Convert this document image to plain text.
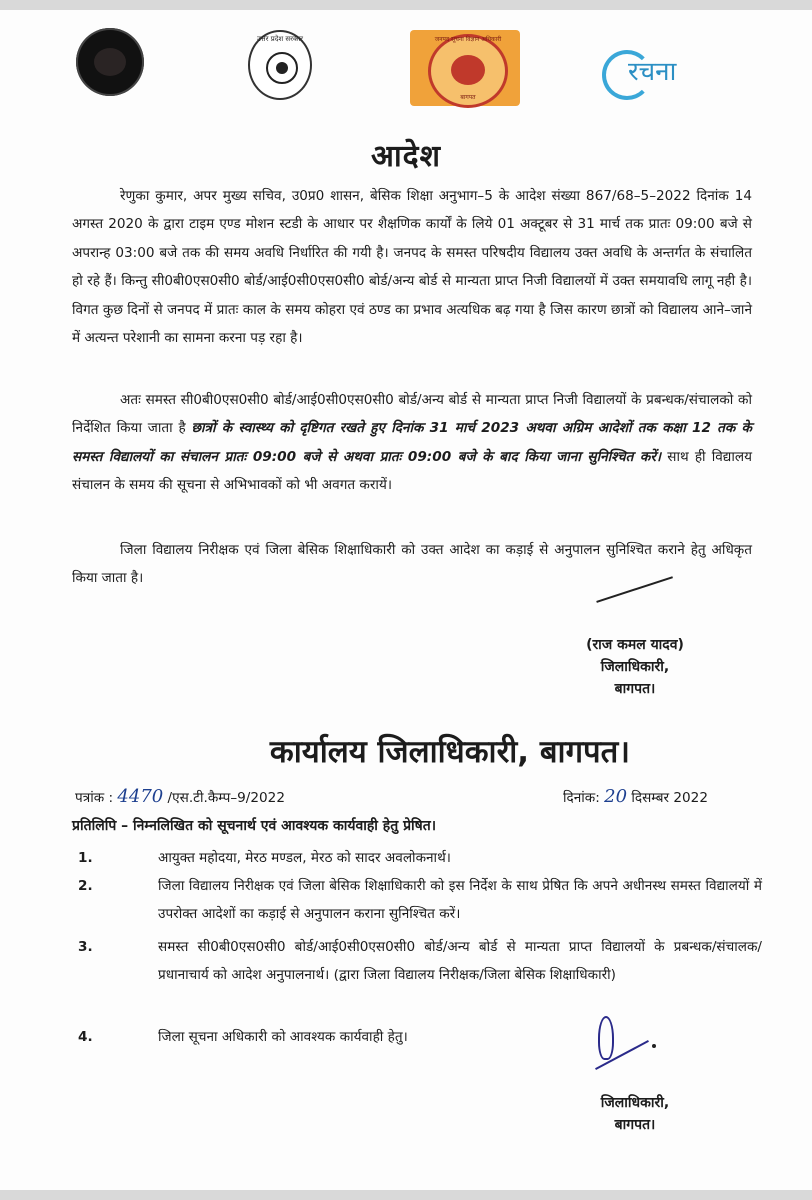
उत्तर प्रदेश सरकार	जनपद सूचना विज्ञान अधिकारी
बागपत
रचना
आदेश
रेणुका कुमार, अपर मुख्य सचिव, उ0प्र0 शासन, बेसिक शिक्षा अनुभाग–5 के आदेश संख्या 867/68–5–2022 दिनांक 14 अगस्त 2020 के द्वारा टाइम एण्ड मोशन स्टडी के आधार पर शैक्षणिक कार्यों के लिये 01 अक्टूबर से 31 मार्च तक प्रातः 09:00 बजे से अपरान्ह 03:00 बजे तक की समय अवधि निर्धारित की गयी है। जनपद के समस्त परिषदीय विद्यालय उक्त अवधि के अन्तर्गत के संचालित हो रहे हैं। किन्तु सी0बी0एस0सी0 बोर्ड/आई0सी0एस0सी0 बोर्ड/अन्य बोर्ड से मान्यता प्राप्त निजी विद्यालयों में उक्त समयावधि लागू नही है। विगत कुछ दिनों से जनपद में प्रातः काल के समय कोहरा एवं ठण्ड का प्रभाव अत्यधिक बढ़ गया है जिस कारण छात्रों को विद्यालय आने–जाने में अत्यन्त परेशानी का सामना करना पड़ रहा है।
अतः समस्त सी0बी0एस0सी0 बोर्ड/आई0सी0एस0सी0 बोर्ड/अन्य बोर्ड से मान्यता प्राप्त निजी विद्यालयों के प्रबन्धक/संचालको को निर्देशित किया जाता है छात्रों के स्वास्थ्य को दृष्टिगत रखते हुए दिनांक 31 मार्च 2023 अथवा अग्रिम आदेशों तक कक्षा 12 तक के समस्त विद्यालयों का संचालन प्रातः 09:00 बजे से अथवा प्रातः 09:00 बजे के बाद किया जाना सुनिश्चित करें। साथ ही विद्यालय संचालन के समय की सूचना से अभिभावकों को भी अवगत करायें।
जिला विद्यालय निरीक्षक एवं जिला बेसिक शिक्षाधिकारी को उक्त आदेश का कड़ाई से अनुपालन सुनिश्चित कराने हेतु अधिकृत किया जाता है।
(राज कमल यादव)
जिलाधिकारी,
बागपत।
कार्यालय जिलाधिकारी, बागपत।
पत्रांक : 4470 /एस.टी.कैम्प–9/2022	दिनांक: 20 दिसम्बर 2022
प्रतिलिपि – निम्नलिखित को सूचनार्थ एवं आवश्यक कार्यवाही हेतु प्रेषित।
1.	आयुक्त महोदया, मेरठ मण्डल, मेरठ को सादर अवलोकनार्थ।
2.	जिला विद्यालय निरीक्षक एवं जिला बेसिक शिक्षाधिकारी को इस निर्देश के साथ प्रेषित कि अपने अधीनस्थ समस्त विद्यालयों में उपरोक्त आदेशों का कड़ाई से अनुपालन कराना सुनिश्चित करें।
3.	समस्त सी0बी0एस0सी0 बोर्ड/आई0सी0एस0सी0 बोर्ड/अन्य बोर्ड से मान्यता प्राप्त विद्यालयों के प्रबन्धक/संचालक/प्रधानाचार्य को आदेश अनुपालनार्थ। (द्वारा जिला विद्यालय निरीक्षक/जिला बेसिक शिक्षाधिकारी)
4.	जिला सूचना अधिकारी को आवश्यक कार्यवाही हेतु।
जिलाधिकारी,
बागपत।
